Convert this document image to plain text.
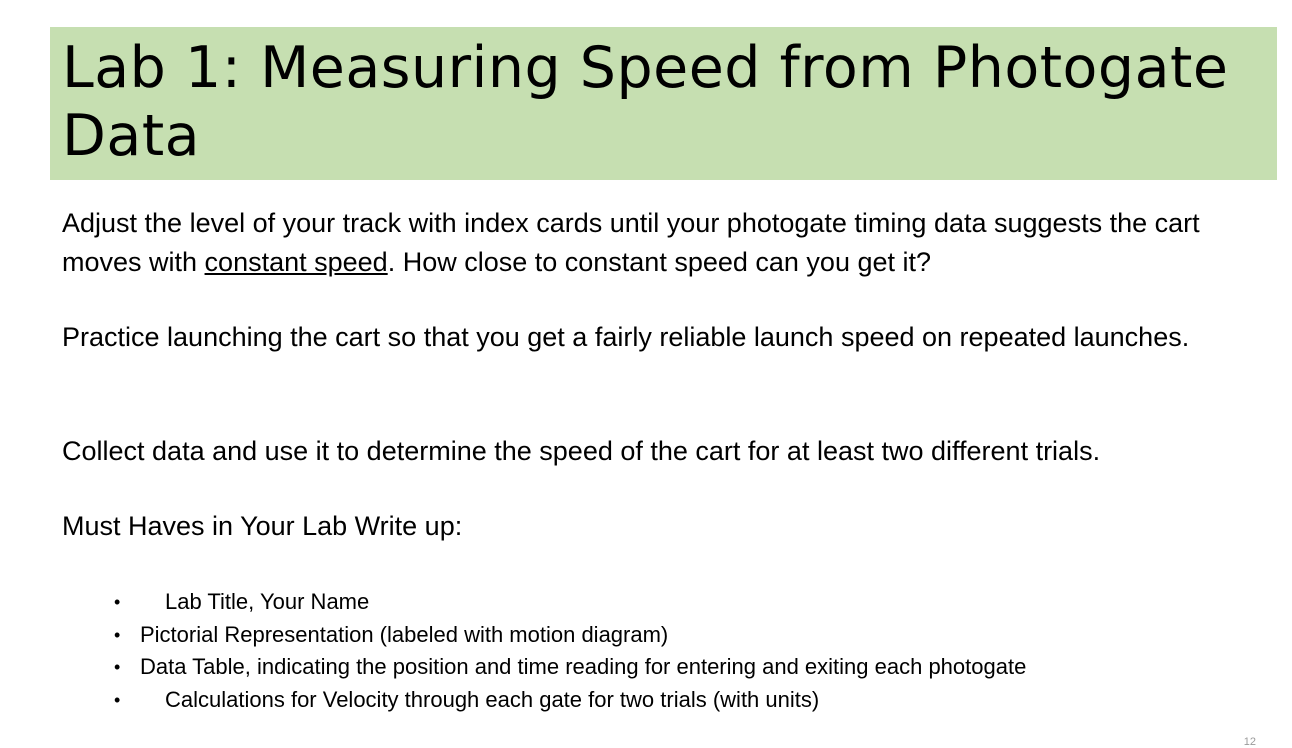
Lab 1: Measuring Speed from Photogate Data

Adjust the level of your track with index cards until your photogate timing data suggests the cart moves with constant speed. How close to constant speed can you get it?

Practice launching the cart so that you get a fairly reliable launch speed on repeated launches.

Collect data and use it to determine the speed of the cart for at least two different trials.

Must Haves in Your Lab Write up:

• Lab Title, Your Name
• Pictorial Representation (labeled with motion diagram)
• Data Table, indicating the position and time reading for entering and exiting each photogate
• Calculations for Velocity through each gate for two trials (with units)
12
